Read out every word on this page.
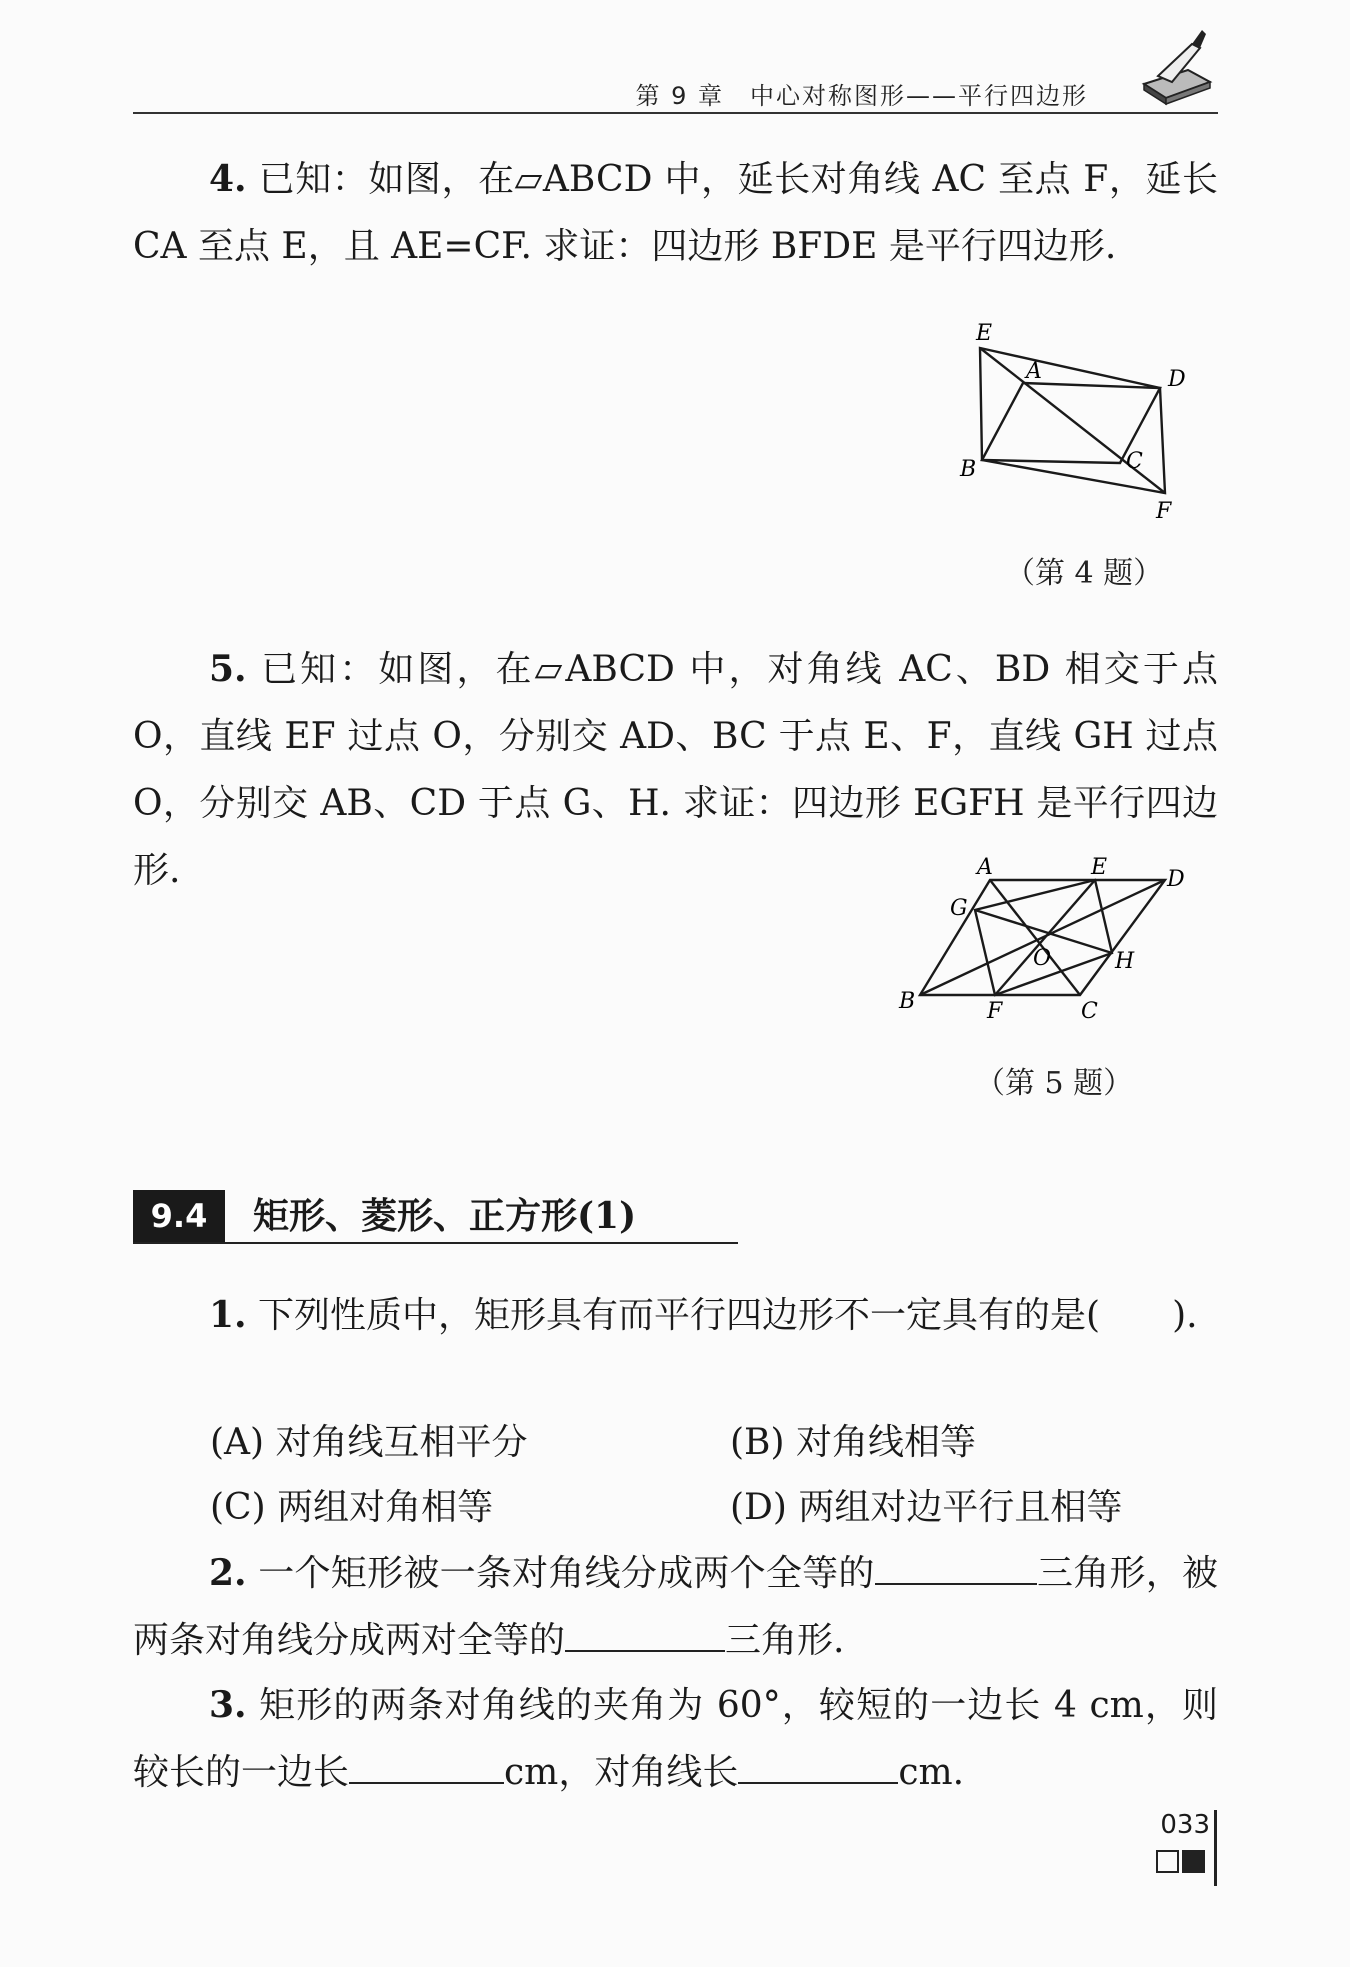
第 9 章　中心对称图形——平行四边形
4. 已知：如图，在▱ABCD 中，延长对角线 AC 至点 F，延长 CA 至点 E，且 AE=CF. 求证：四边形 BFDE 是平行四边形.
E
A	D
B	C
F
（第 4 题）
5. 已知：如图，在▱ABCD 中，对角线 AC、BD 相交于点 O，直线 EF 过点 O，分别交 AD、BC 于点 E、F，直线 GH 过点 O，分别交 AB、CD 于点 G、H. 求证：四边形 EGFH 是平行四边形.	A	E	D
G
O	H
B	F	C
（第 5 题）
9.4	矩形、菱形、正方形(1)
1. 下列性质中，矩形具有而平行四边形不一定具有的是(　　).
(A) 对角线互相平分	(B) 对角线相等
(C) 两组对角相等	(D) 两组对边平行且相等
2. 一个矩形被一条对角线分成两个全等的	三角形，被两条对角线分成两对全等的	三角形.
3. 矩形的两条对角线的夹角为 60°，较短的一边长 4 cm，则较长的一边长	cm，对角线长	cm.
033
